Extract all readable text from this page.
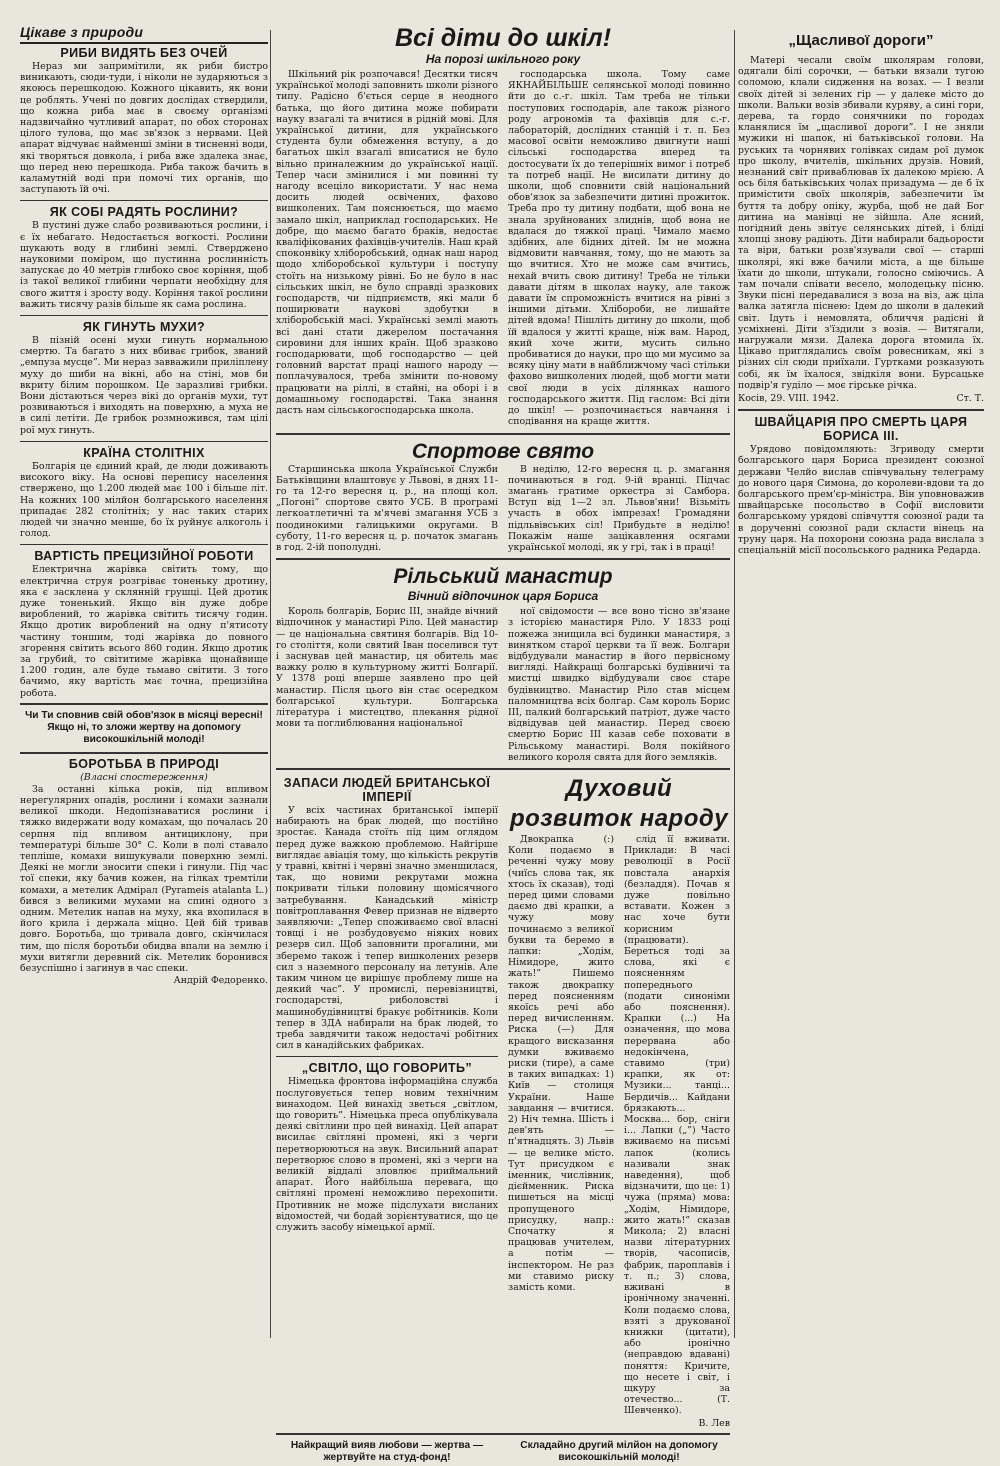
Цікаве з природи
РИБИ ВИДЯТЬ БЕЗ ОЧЕЙ

Нераз ми запримітили, як риби бистро виникають, сюди-туди, і ніколи не зударяються з якоюсь перешкодою. Кожного цікавить, як вони це роблять. Учені по довгих дослідах ствердили, що кожна риба має в своєму організмі надзвичайно чутливий апарат, по обох сторонах цілого тулова, що має зв'язок з нервами. Цей апарат відчуває найменші зміни в тисненні води, які творяться довкола, і риба вже здалека знає, що перед нею перешкода. Риба також бачить в каламутній воді при помочі тих органів, що заступають їй очі.

ЯК СОБІ РАДЯТЬ РОСЛИНИ?

В пустині дуже слабо розвиваються рослини, і є їх небагато. Недостається вогкості. Рослини шукають воду в глибині землі. Стверджено науковими поміром, що пустинна рослинність запускає до 40 метрів глибоко своє коріння, щоб із такої великої глибини черпати необхідну для свого життя і зросту воду. Коріння такої рослини важить тисячу разів більше як сама рослина.

ЯК ГИНУТЬ МУХИ?

В пізній осені мухи гинуть нормальною смертю. Та багато з них вбиває грибок, званий „емпуза мусце”. Ми нераз завважили приліплену муху до шиби на вікні, або на стіні, мов би вкриту білим порошком. Це заразливі грибки. Вони дістаються через вікі до органів мухи, тут розвиваються і виходять на поверхню, а муха не в силі летіти. Де грибок розмножився, там цілі рої мух гинуть.

КРАЇНА СТОЛІТНІХ

Болгарія це єдиний край, де люди доживають високого віку. На основі перепису населення ствержено, що 1.200 людей має 100 і більше літ. На кожних 100 мілйон болгарського населення припадає 282 столітніх; у нас таких старих людей чи значно менше, бо їх руйнує алкоголь і голод.

ВАРТІСТЬ ПРЕЦИЗІЙНОЇ РОБОТИ

Електрична жарівка світить тому, що електрична струя розгріває тоненьку дротину, яка є засклена у склянній грушці. Цей дротик дуже тоненький. Якщо він дуже добре вироблений, то жарівка світить тисячу годин. Якщо дротик вироблений на одну п'ятисоту частину тоншим, тоді жарівка до повного згорення світить всього 860 годин. Якщо дротик за грубий, то світитиме жарівка щонайвище 1.200 годин, але буде тьмаво світити. З того бачимо, яку вартість має точна, прецизійна робота.

Чи Ти сповнив свій обов'язок в місяці вересні! Якщо ні, то зложи жертву на допомогу високошкільній молоді!
БОРОТЬБА В ПРИРОДІ
(Власні спостереження)

За останні кілька років, під впливом нерегулярних опадів, рослини і комахи зазнали великої шкоди. Недопізнаватися рослини і тяжко видержати воду комахам, що почалась 20 серпня під впливом антициклону, при температурі більше 30° С. Коли в полі ставало тепліше, комахи вишукували поверхню землі. Деякі не могли зносити спеки і гинули. Під час тої спеки, яку бачив кожен, на гілках тремтіли комахи, а метелик Адмірал (Pyrameis atalanta L.) бився з великими мухами на спині одного з одним. Метелик напав на муху, яка вхопилася в його крила і держала міцно. Цей бій тривав довго. Боротьба, що тривала довго, скінчилася тим, що після боротьби обидва впали на землю і мухи витягли деревний сік. Метелик боронився безуспішно і загинув в час спеки.

Андрій Федоренко.
Всі діти до шкіл!
На порозі шкільного року

Шкільний рік розпочався! Десятки тисяч української молоді заповнить школи різного типу. Радісно б'ється серце в неодного батька, що його дитина може побирати науку взагалі та вчитися в рідній мові. Для української дитини, для українського студента були обмеження вступу, а до багатьох шкіл взагалі вписатися не було вільно приналежним до української нації. Тепер часи змінилися і ми повинні ту нагоду всеціло використати. У нас нема досить людей освічених, фахово вишколених. Там пояснюється, що маємо замало шкіл, наприклад господарських. Не добре, що маємо багато браків, недостає кваліфікованих фахівців-учителів. Наш край споконвіку хліборобський, однак наш народ щодо хліборобської культури і поступу стоїть на низькому рівні. Бо не було в нас сільських шкіл, не було справді зразкових господарств, чи підприємств, які мали б поширювати наукові здобутки в хліборобській масі. Українські землі мають всі дані стати джерелом постачання сировини для інших країн. Щоб зразково господарювати, щоб господарство — цей головний варстат праці нашого народу — поплачувалося, треба змінити по-новому працювати на ріллі, в стайні, на оборі і в домашньому господарстві. Така знання дасть нам сільськогосподарська школа.

господарська школа. Тому саме ЯКНАЙБІЛЬШЕ селянської молоді повинно йти до с.-г. шкіл. Там треба не тільки поступових господарів, але також різного роду агрономів та фахівців для с.-г. лабораторій, дослідних станцій і т. п. Без масової освіти неможливо двигнути наші сільські господарства вперед та достосувати їх до теперішніх вимог і потреб та потреб нації. Не висилати дитину до школи, щоб сповнити свій національний обов'язок за забезпечити дитині прожиток. Треба про ту дитину подбати, щоб вона не знала зруйнованих злиднів, щоб вона не вдалася до тяжкої праці. Чимало маємо здібних, але бідних дітей. Ім не можна відмовити навчання, тому, що не мають за що вчитися. Хто не може сам вчитись, нехай вчить свою дитину! Треба не тільки давати дітям в школах науку, але також давати їм спроможність вчитися на рівні з іншими дітьми. Хлібороби, не лишайте дітей вдома! Пішліть дитину до школи, щоб їй вдалося у житті краще, ніж вам. Народ, який хоче жити, мусить сильно пробиватися до науки, про що ми мусимо за всяку ціну мати в найближчому часі стільки фахово вишколених людей, щоб могти мати свої люди в усіх ділянках нашого господарського життя. Під гаслом: Всі діти до шкіл! — розпочинається навчання і сподівання на краще життя.

Спортове свято

Старшинська школа Української Служби Батьківщини влаштовує у Львові, в днях 11-го та 12-го вересня ц. р., на площі кол. „Погоні” спортове свято УСБ. В програмі легкоатлетичні та м'ячеві змагання УСБ з поодинокими галицькими округами. В суботу, 11-го вересня ц. р. початок змагань в год. 2-ій пополудні.

В неділю, 12-го вересня ц. р. змагання починаються в год. 9-ій вранці. Підчас змагань гратиме оркестра зі Самбора. Вступ від 1—2 зл. Львов'яни! Візьміть участь в обох імпрезах! Громадяни підльвівських сіл! Прибудьте в неділю! Покажім наше зацікавлення осягами української молоді, як у грі, так і в праці!

Рільський манастир
Вічний відпочинок царя Бориса

Король болгарів, Борис ІІІ, знайде вічний відпочинок у манастирі Ріло. Цей манастир — це національна святиня болгарів. Від 10-го століття, коли святий Іван поселився тут і заснував цей манастир, ця обитель має важку ролю в культурному житті Болгарії. У 1378 році вперше заявлено про цей манастир. Після цього він стає осередком болгарської культури. Болгарська література і мистецтво, плекання рідної мови та поглиблювання національної

ної свідомости — все воно тісно зв'язане з історією манастиря Ріло. У 1833 році пожежа знищила всі будинки манастиря, з винятком старої церкви та її веж. Болгари відбудували манастир в його первісному вигляді. Найкращі болгарські будівничі та мистці швидко відбудували своє старе будівництво. Манастир Ріло став місцем паломництва всіх болгар. Сам король Борис ІІІ, палкий болгарський патріот, дуже часто відвідував цей манастир. Перед своєю смертю Борис ІІІ казав себе поховати в Рільському манастирі. Воля покійного великого короля свята для його земляків.

ЗАПАСИ ЛЮДЕЙ БРИТАНСЬКОЇ ІМПЕРІЇ

У всіх частинах британської імперії набирають на брак людей, що постійно зростає. Канада стоїть під цим оглядом перед дуже важкою проблемою. Найгірше виглядає авіація тому, що кількість рекрутів у травні, квітні і червні значно зменшилася, так, що новими рекрутами можна покривати тільки половину щомісячного затребування. Канадський міністр повітроплавання Февер признав не відверто заявляючи: „Тепер споживаємо свої власні товщі і не розбудовуємо ніяких нових резерв сил. Щоб заповнити прогалини, ми зберемо також і тепер вишколених резерв сил з наземного персоналу на летунів. Але таким чином це вирішує проблему лише на деякий час”. У промислі, перевізництві, господарстві, риболовстві і машинобудівництві бракує робітників. Коли тепер в ЗДА набирали на брак людей, то треба завдячити також недостачі робітних сил в канадійських фабриках.

„СВІТЛО, ЩО ГОВОРИТЬ”

Німецька фронтова інформаційна служба послуговується тепер новим технічним винаходом. Цей винахід зветься „світлом, що говорить”. Німецька преса опублікувала деякі світлини про цей винахід. Цей апарат висилає світляні промені, які з черги перетворюються на звук. Висильний апарат перетворює слово в промені, які з черги на великій віддалі зловлює приймальний апарат. Його найбільша перевага, що світляні промені неможливо перехопити. Противник не може підслухати висланих відомостей, чи бодай зорієнтуватися, що це служить засобу німецької армії.

Духовий розвиток народу

Двокрапка (:) Коли подаємо в реченні чужу мову (чиїсь слова так, як хтось їх сказав), тоді перед цими словами даємо дві крапки, а чужу мову починаємо з великої букви та беремо в лапки: „Ходім, Німидоре, жито жать!” Пишемо також двокрапку перед поясненням якоїсь речі або перед вичисленням. Риска (—) Для кращого висказання думки вживаємо риски (тире), а саме в таких випадках: 1) Київ — столиця України. Наше завдання — вчитися. 2) Ніч темна. Шість і дев'ять — п'ятнадцять. 3) Львів — це велике місто. Тут присудком є іменник, числівник, дієйменник. Риска пишеться на місці пропущеного присудку, напр.: Спочатку я працював учителем, а потім — інспектором. Не раз ми ставимо риску замість коми.

слід її вживати. Приклади: В часі революції в Росії повстала анархія (безладдя). Почав я дуже повільно вставати. Кожен з нас хоче бути корисним (працювати). Береться тоді за слова, які є поясненням попереднього (подати синоніми або пояснення). Крапки (...) На означення, що мова перервана або недокінчена, ставимо (три) крапки, як от: Музики... танці... Бердичів... Кайдани брязкають... Москва... бор, сніги і... Лапки („”) Часто вживаємо на письмі лапок (колись називали знак наведення), щоб відзначити, що це: 1) чужа (пряма) мова: „Ходім, Німидоре, жито жать!” сказав Микола; 2) власні назви літературних творів, часописів, фабрик, пароплавів і т. п.; 3) слова, вживані в іронічному значенні. Коли подаємо слова, взяті з друкованої книжки (цитати), або іронічно (неправдою вдавані) поняття: Кричите, що несете і світ, і щкуру за отечество... (Т. Шевченко).

В. Лев
Найкращий вияв любови — жертва — жертвуйте на студ-фонд!
Складайно другий мілйон на допомогу високошкільній молоді!
„Щасливої дороги”

Матері чесали своїм школярам голови, одягали білі сорочки, — батьки вязали тугою соломою, клали сидження на возах. — І везли своїх дітей зі зелених гір — у далеке місто до школи. Вальки возів збивали куряву, а сині гори, дерева, та гордо сонячники по городах кланялися їм „щасливої дороги”. І не зняли мужики ні шапок, ні батьківської голови. На руських та чорнявих голівках сидам рої думок про школу, вчителів, шкільних друзів. Новий, незнаний світ приваблював їх далекою мрією. А ось біля батьківських чолах призадума — де б їх примістити своїх школярів, забезпечити їм буття та добру опіку, журба, щоб не дай Бог дитина на манівці не зійшла. Але ясний, погідний день звітує селянських дітей, і бліді хлопці знову радіють. Діти набирали бадьорости та віри, батьки розв'язували свої — старші школярі, які вже бачили міста, а ще більше їхати до школи, штукали, голосно сміючись. А там почали співати весело, молодецьку пісню. Звуки пісні передавалися з воза на віз, аж ціла валка затягла піснею: Ідем до школи в далекий світ. Ідуть і немовлята, обличчя радісні й усміхнені. Діти з'їздили з возів. — Витягали, нагружали мязи. Далека дорога втомила їх. Цікаво приглядались своїм ровесникам, які з різних сіл сюди приїхали. Гуртками розказують собі, як їм їхалося, звідкіля вони. Бурсацьке подвір'я гуділо — моє гірське річка.

Косів, 29. VIII. 1942.	Ст. Т.
ШВАЙЦАРІЯ ПРО СМЕРТЬ ЦАРЯ БОРИСА ІІІ.

Урядово повідомляють: Згриводу смерти болгарського царя Бориса президент союзної держави Челйо вислав співчувальну телеграму до нового царя Симона, до королеви-вдови та до болгарського прем'єр-міністра. Він уповноважив швайцарське посольство в Софії висловити болгарському урядові співчуття союзної ради та в дорученні союзної ради скласти вінець на труну царя. На похорони союзна рада вислала з спеціальній місії посольського радника Редарда.
